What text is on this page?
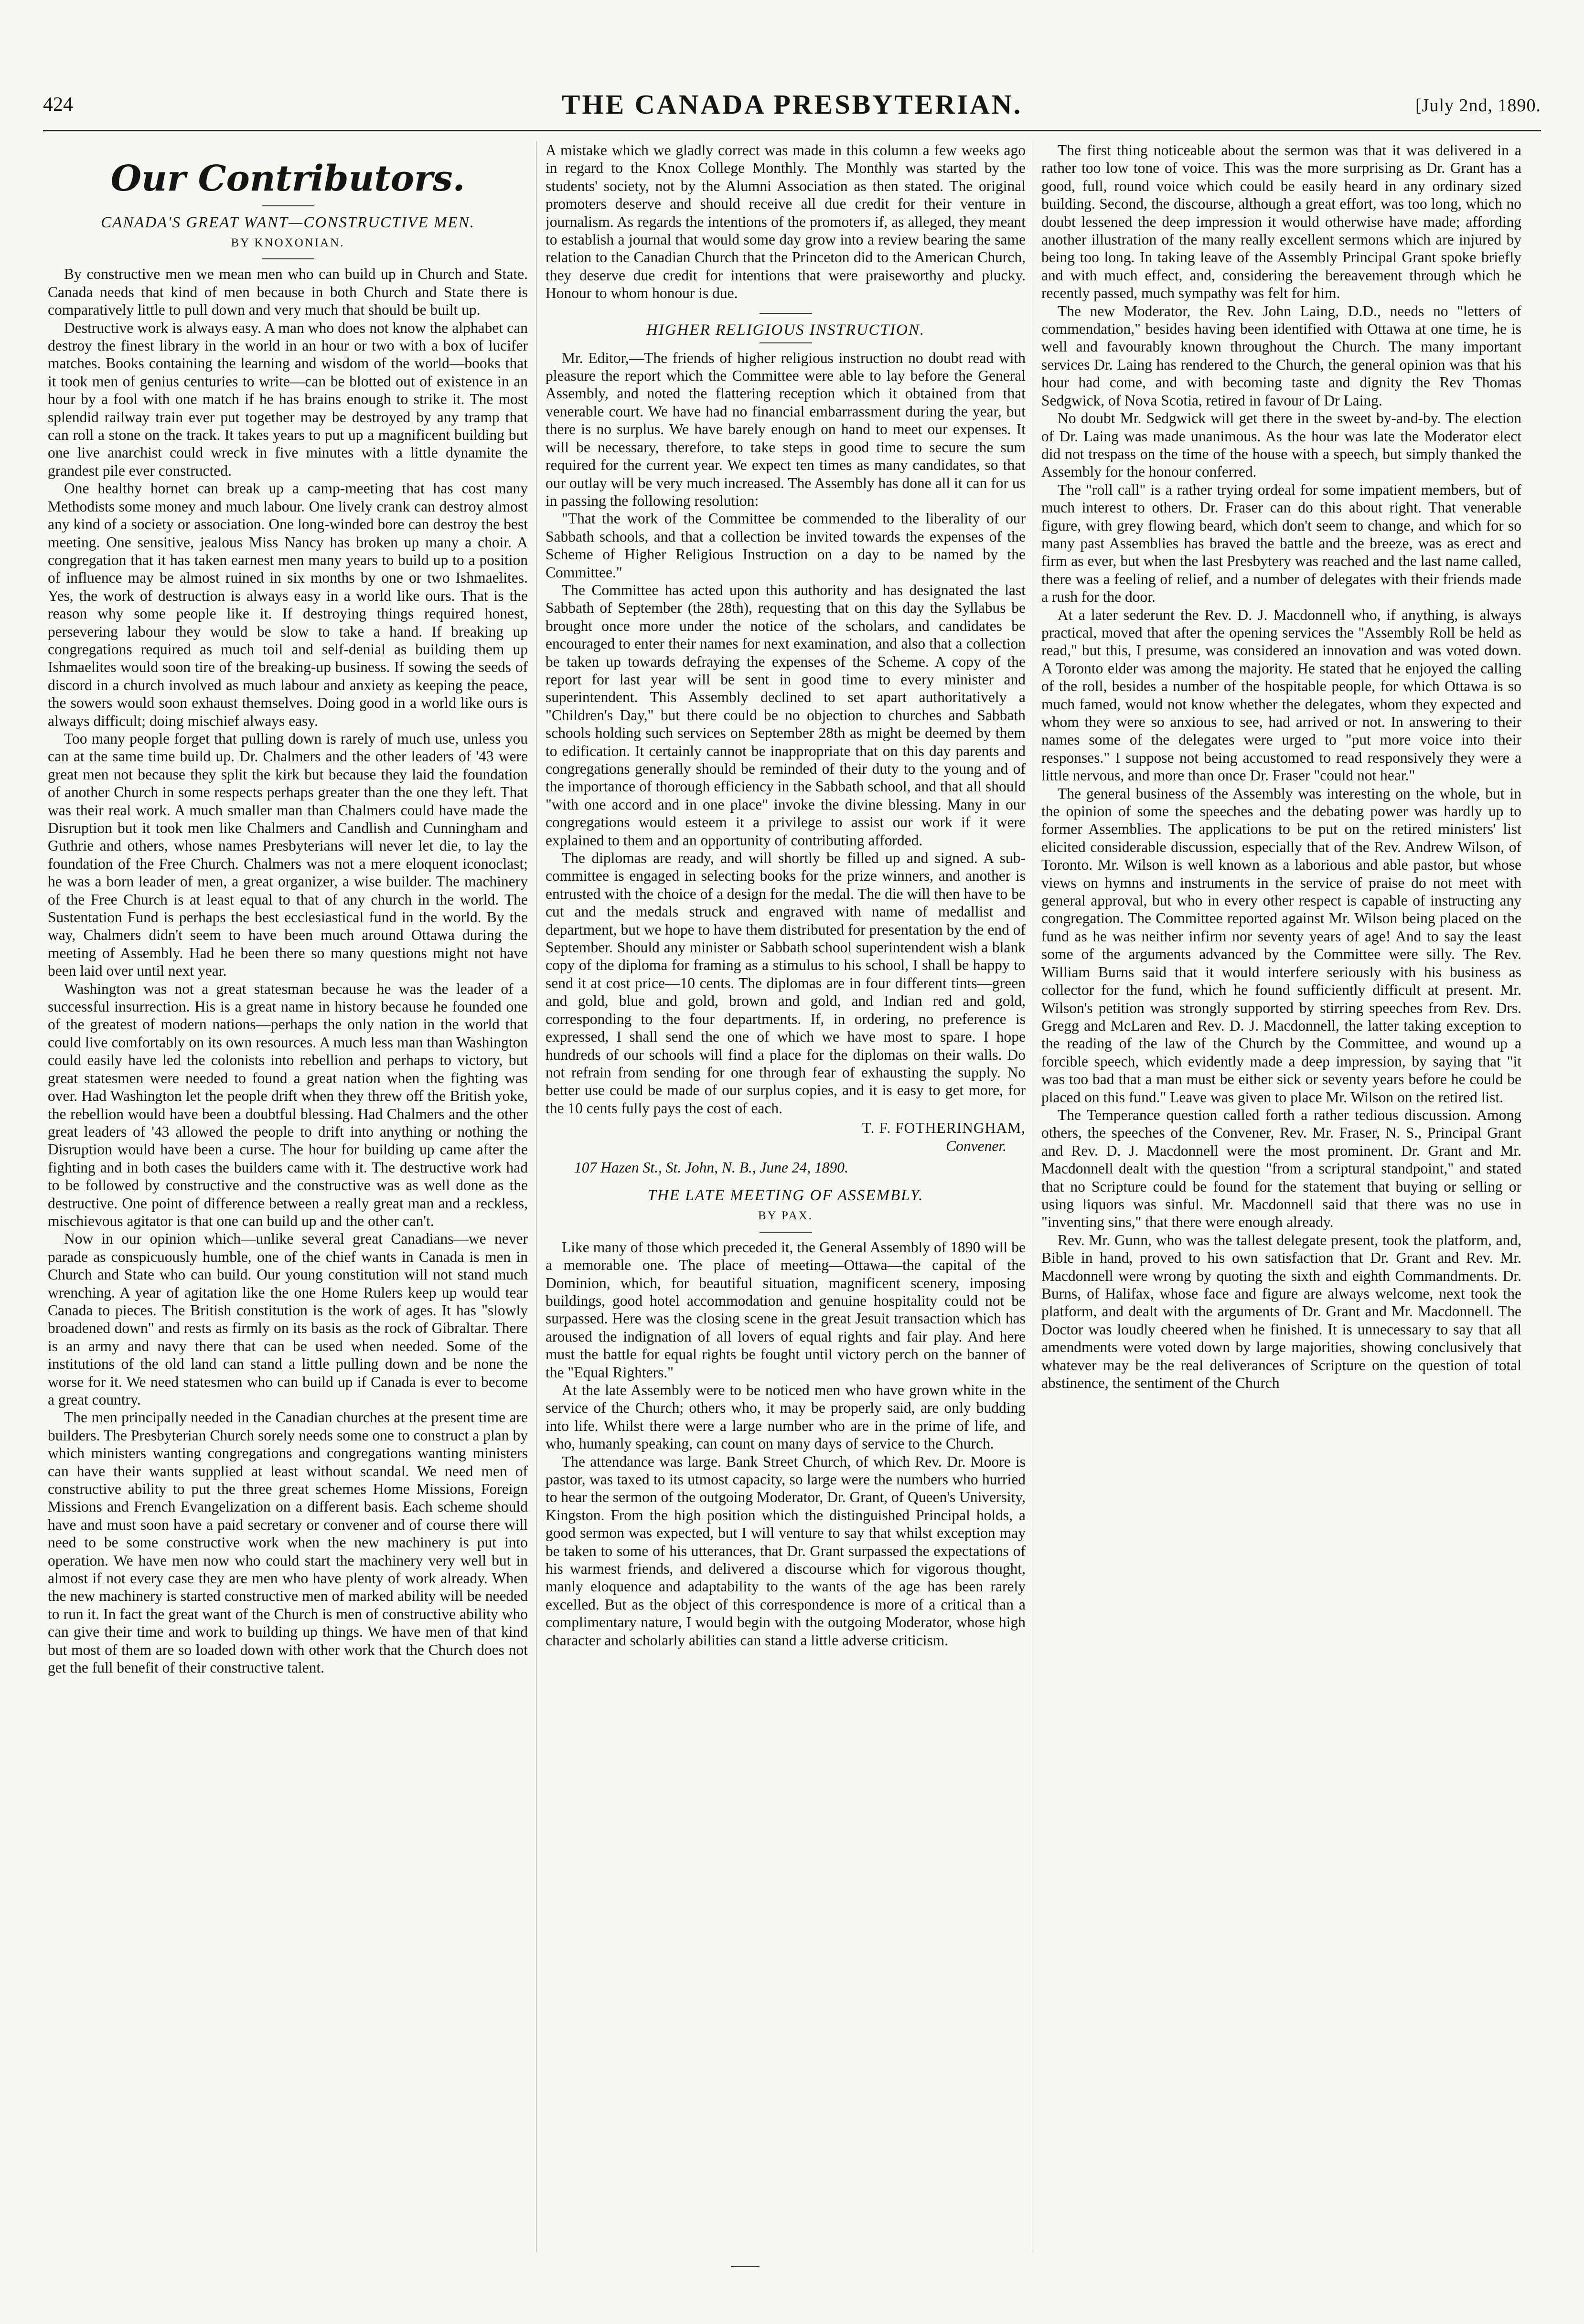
424	THE CANADA PRESBYTERIAN.	[July 2nd, 1890.
Our Contributors.
CANADA'S GREAT WANT—CONSTRUCTIVE MEN.
BY KNOXONIAN.

By constructive men we mean men who can build up in Church and State. Canada needs that kind of men because in both Church and State there is comparatively little to pull down and very much that should be built up.

Destructive work is always easy. A man who does not know the alphabet can destroy the finest library in the world in an hour or two with a box of lucifer matches. Books containing the learning and wisdom of the world—books that it took men of genius centuries to write—can be blotted out of existence in an hour by a fool with one match if he has brains enough to strike it. The most splendid railway train ever put together may be destroyed by any tramp that can roll a stone on the track. It takes years to put up a magnificent building but one live anarchist could wreck in five minutes with a little dynamite the grandest pile ever constructed.

One healthy hornet can break up a camp-meeting that has cost many Methodists some money and much labour. One lively crank can destroy almost any kind of a society or association. One long-winded bore can destroy the best meeting. One sensitive, jealous Miss Nancy has broken up many a choir. A congregation that it has taken earnest men many years to build up to a position of influence may be almost ruined in six months by one or two Ishmaelites. Yes, the work of destruction is always easy in a world like ours. That is the reason why some people like it. If destroying things required honest, persevering labour they would be slow to take a hand. If breaking up congregations required as much toil and self-denial as building them up Ishmaelites would soon tire of the breaking-up business. If sowing the seeds of discord in a church involved as much labour and anxiety as keeping the peace, the sowers would soon exhaust themselves. Doing good in a world like ours is always difficult; doing mischief always easy.

Too many people forget that pulling down is rarely of much use, unless you can at the same time build up. Dr. Chalmers and the other leaders of '43 were great men not because they split the kirk but because they laid the foundation of another Church in some respects perhaps greater than the one they left. That was their real work. A much smaller man than Chalmers could have made the Disruption but it took men like Chalmers and Candlish and Cunningham and Guthrie and others, whose names Presbyterians will never let die, to lay the foundation of the Free Church. Chalmers was not a mere eloquent iconoclast; he was a born leader of men, a great organizer, a wise builder. The machinery of the Free Church is at least equal to that of any church in the world. The Sustentation Fund is perhaps the best ecclesiastical fund in the world. By the way, Chalmers didn't seem to have been much around Ottawa during the meeting of Assembly. Had he been there so many questions might not have been laid over until next year.

Washington was not a great statesman because he was the leader of a successful insurrection. His is a great name in history because he founded one of the greatest of modern nations—perhaps the only nation in the world that could live comfortably on its own resources. A much less man than Washington could easily have led the colonists into rebellion and perhaps to victory, but great statesmen were needed to found a great nation when the fighting was over. Had Washington let the people drift when they threw off the British yoke, the rebellion would have been a doubtful blessing. Had Chalmers and the other great leaders of '43 allowed the people to drift into anything or nothing the Disruption would have been a curse. The hour for building up came after the fighting and in both cases the builders came with it. The destructive work had to be followed by constructive and the constructive was as well done as the destructive. One point of difference between a really great man and a reckless, mischievous agitator is that one can build up and the other can't.

Now in our opinion which—unlike several great Canadians—we never parade as conspicuously humble, one of the chief wants in Canada is men in Church and State who can build. Our young constitution will not stand much wrenching. A year of agitation like the one Home Rulers keep up would tear Canada to pieces. The British constitution is the work of ages. It has "slowly broadened down" and rests as firmly on its basis as the rock of Gibraltar. There is an army and navy there that can be used when needed. Some of the institutions of the old land can stand a little pulling down and be none the worse for it. We need statesmen who can build up if Canada is ever to become a great country.

The men principally needed in the Canadian churches at the present time are builders. The Presbyterian Church sorely needs some one to construct a plan by which ministers wanting congregations and congregations wanting ministers can have their wants supplied at least without scandal. We need men of constructive ability to put the three great schemes Home Missions, Foreign Missions and French Evangelization on a different basis. Each scheme should have and must soon have a paid secretary or convener and of course there will need to be some constructive work when the new machinery is put into operation. We have men now who could start the machinery very well but in almost if not every case they are men who have plenty of work already. When the new machinery is started constructive men of marked ability will be needed to run it. In fact the great want of the Church is men of constructive ability who can give their time and work to building up things. We have men of that kind but most of them are so loaded down with other work that the Church does not get the full benefit of their constructive talent.

A mistake which we gladly correct was made in this column a few weeks ago in regard to the Knox College Monthly. The Monthly was started by the students' society, not by the Alumni Association as then stated. The original promoters deserve and should receive all due credit for their venture in journalism. As regards the intentions of the promoters if, as alleged, they meant to establish a journal that would some day grow into a review bearing the same relation to the Canadian Church that the Princeton did to the American Church, they deserve due credit for intentions that were praiseworthy and plucky. Honour to whom honour is due.

HIGHER RELIGIOUS INSTRUCTION.

Mr. Editor,—The friends of higher religious instruction no doubt read with pleasure the report which the Committee were able to lay before the General Assembly, and noted the flattering reception which it obtained from that venerable court. We have had no financial embarrassment during the year, but there is no surplus. We have barely enough on hand to meet our expenses. It will be necessary, therefore, to take steps in good time to secure the sum required for the current year. We expect ten times as many candidates, so that our outlay will be very much increased. The Assembly has done all it can for us in passing the following resolution:

"That the work of the Committee be commended to the liberality of our Sabbath schools, and that a collection be invited towards the expenses of the Scheme of Higher Religious Instruction on a day to be named by the Committee."

The Committee has acted upon this authority and has designated the last Sabbath of September (the 28th), requesting that on this day the Syllabus be brought once more under the notice of the scholars, and candidates be encouraged to enter their names for next examination, and also that a collection be taken up towards defraying the expenses of the Scheme. A copy of the report for last year will be sent in good time to every minister and superintendent. This Assembly declined to set apart authoritatively a "Children's Day," but there could be no objection to churches and Sabbath schools holding such services on September 28th as might be deemed by them to edification. It certainly cannot be inappropriate that on this day parents and congregations generally should be reminded of their duty to the young and of the importance of thorough efficiency in the Sabbath school, and that all should "with one accord and in one place" invoke the divine blessing. Many in our congregations would esteem it a privilege to assist our work if it were explained to them and an opportunity of contributing afforded.

The diplomas are ready, and will shortly be filled up and signed. A sub-committee is engaged in selecting books for the prize winners, and another is entrusted with the choice of a design for the medal. The die will then have to be cut and the medals struck and engraved with name of medallist and department, but we hope to have them distributed for presentation by the end of September. Should any minister or Sabbath school superintendent wish a blank copy of the diploma for framing as a stimulus to his school, I shall be happy to send it at cost price—10 cents. The diplomas are in four different tints—green and gold, blue and gold, brown and gold, and Indian red and gold, corresponding to the four departments. If, in ordering, no preference is expressed, I shall send the one of which we have most to spare. I hope hundreds of our schools will find a place for the diplomas on their walls. Do not refrain from sending for one through fear of exhausting the supply. No better use could be made of our surplus copies, and it is easy to get more, for the 10 cents fully pays the cost of each.

T. F. FOTHERINGHAM,
Convener.

107 Hazen St., St. John, N. B., June 24, 1890.

THE LATE MEETING OF ASSEMBLY.
BY PAX.

Like many of those which preceded it, the General Assembly of 1890 will be a memorable one. The place of meeting—Ottawa—the capital of the Dominion, which, for beautiful situation, magnificent scenery, imposing buildings, good hotel accommodation and genuine hospitality could not be surpassed. Here was the closing scene in the great Jesuit transaction which has aroused the indignation of all lovers of equal rights and fair play. And here must the battle for equal rights be fought until victory perch on the banner of the "Equal Righters."

At the late Assembly were to be noticed men who have grown white in the service of the Church; others who, it may be properly said, are only budding into life. Whilst there were a large number who are in the prime of life, and who, humanly speaking, can count on many days of service to the Church.

The attendance was large. Bank Street Church, of which Rev. Dr. Moore is pastor, was taxed to its utmost capacity, so large were the numbers who hurried to hear the sermon of the outgoing Moderator, Dr. Grant, of Queen's University, Kingston. From the high position which the distinguished Principal holds, a good sermon was expected, but I will venture to say that whilst exception may be taken to some of his utterances, that Dr. Grant surpassed the expectations of his warmest friends, and delivered a discourse which for vigorous thought, manly eloquence and adaptability to the wants of the age has been rarely excelled. But as the object of this correspondence is more of a critical than a complimentary nature, I would begin with the outgoing Moderator, whose high character and scholarly abilities can stand a little adverse criticism.

The first thing noticeable about the sermon was that it was delivered in a rather too low tone of voice. This was the more surprising as Dr. Grant has a good, full, round voice which could be easily heard in any ordinary sized building. Second, the discourse, although a great effort, was too long, which no doubt lessened the deep impression it would otherwise have made; affording another illustration of the many really excellent sermons which are injured by being too long. In taking leave of the Assembly Principal Grant spoke briefly and with much effect, and, considering the bereavement through which he recently passed, much sympathy was felt for him.

The new Moderator, the Rev. John Laing, D.D., needs no "letters of commendation," besides having been identified with Ottawa at one time, he is well and favourably known throughout the Church. The many important services Dr. Laing has rendered to the Church, the general opinion was that his hour had come, and with becoming taste and dignity the Rev Thomas Sedgwick, of Nova Scotia, retired in favour of Dr Laing.

No doubt Mr. Sedgwick will get there in the sweet by-and-by. The election of Dr. Laing was made unanimous. As the hour was late the Moderator elect did not trespass on the time of the house with a speech, but simply thanked the Assembly for the honour conferred.

The "roll call" is a rather trying ordeal for some impatient members, but of much interest to others. Dr. Fraser can do this about right. That venerable figure, with grey flowing beard, which don't seem to change, and which for so many past Assemblies has braved the battle and the breeze, was as erect and firm as ever, but when the last Presbytery was reached and the last name called, there was a feeling of relief, and a number of delegates with their friends made a rush for the door.

At a later sederunt the Rev. D. J. Macdonnell who, if anything, is always practical, moved that after the opening services the "Assembly Roll be held as read," but this, I presume, was considered an innovation and was voted down. A Toronto elder was among the majority. He stated that he enjoyed the calling of the roll, besides a number of the hospitable people, for which Ottawa is so much famed, would not know whether the delegates, whom they expected and whom they were so anxious to see, had arrived or not. In answering to their names some of the delegates were urged to "put more voice into their responses." I suppose not being accustomed to read responsively they were a little nervous, and more than once Dr. Fraser "could not hear."

The general business of the Assembly was interesting on the whole, but in the opinion of some the speeches and the debating power was hardly up to former Assemblies. The applications to be put on the retired ministers' list elicited considerable discussion, especially that of the Rev. Andrew Wilson, of Toronto. Mr. Wilson is well known as a laborious and able pastor, but whose views on hymns and instruments in the service of praise do not meet with general approval, but who in every other respect is capable of instructing any congregation. The Committee reported against Mr. Wilson being placed on the fund as he was neither infirm nor seventy years of age! And to say the least some of the arguments advanced by the Committee were silly. The Rev. William Burns said that it would interfere seriously with his business as collector for the fund, which he found sufficiently difficult at present. Mr. Wilson's petition was strongly supported by stirring speeches from Rev. Drs. Gregg and McLaren and Rev. D. J. Macdonnell, the latter taking exception to the reading of the law of the Church by the Committee, and wound up a forcible speech, which evidently made a deep impression, by saying that "it was too bad that a man must be either sick or seventy years before he could be placed on this fund." Leave was given to place Mr. Wilson on the retired list.

The Temperance question called forth a rather tedious discussion. Among others, the speeches of the Convener, Rev. Mr. Fraser, N. S., Principal Grant and Rev. D. J. Macdonnell were the most prominent. Dr. Grant and Mr. Macdonnell dealt with the question "from a scriptural standpoint," and stated that no Scripture could be found for the statement that buying or selling or using liquors was sinful. Mr. Macdonnell said that there was no use in "inventing sins," that there were enough already.

Rev. Mr. Gunn, who was the tallest delegate present, took the platform, and, Bible in hand, proved to his own satisfaction that Dr. Grant and Rev. Mr. Macdonnell were wrong by quoting the sixth and eighth Commandments. Dr. Burns, of Halifax, whose face and figure are always welcome, next took the platform, and dealt with the arguments of Dr. Grant and Mr. Macdonnell. The Doctor was loudly cheered when he finished. It is unnecessary to say that all amendments were voted down by large majorities, showing conclusively that whatever may be the real deliverances of Scripture on the question of total abstinence, the sentiment of the Church
